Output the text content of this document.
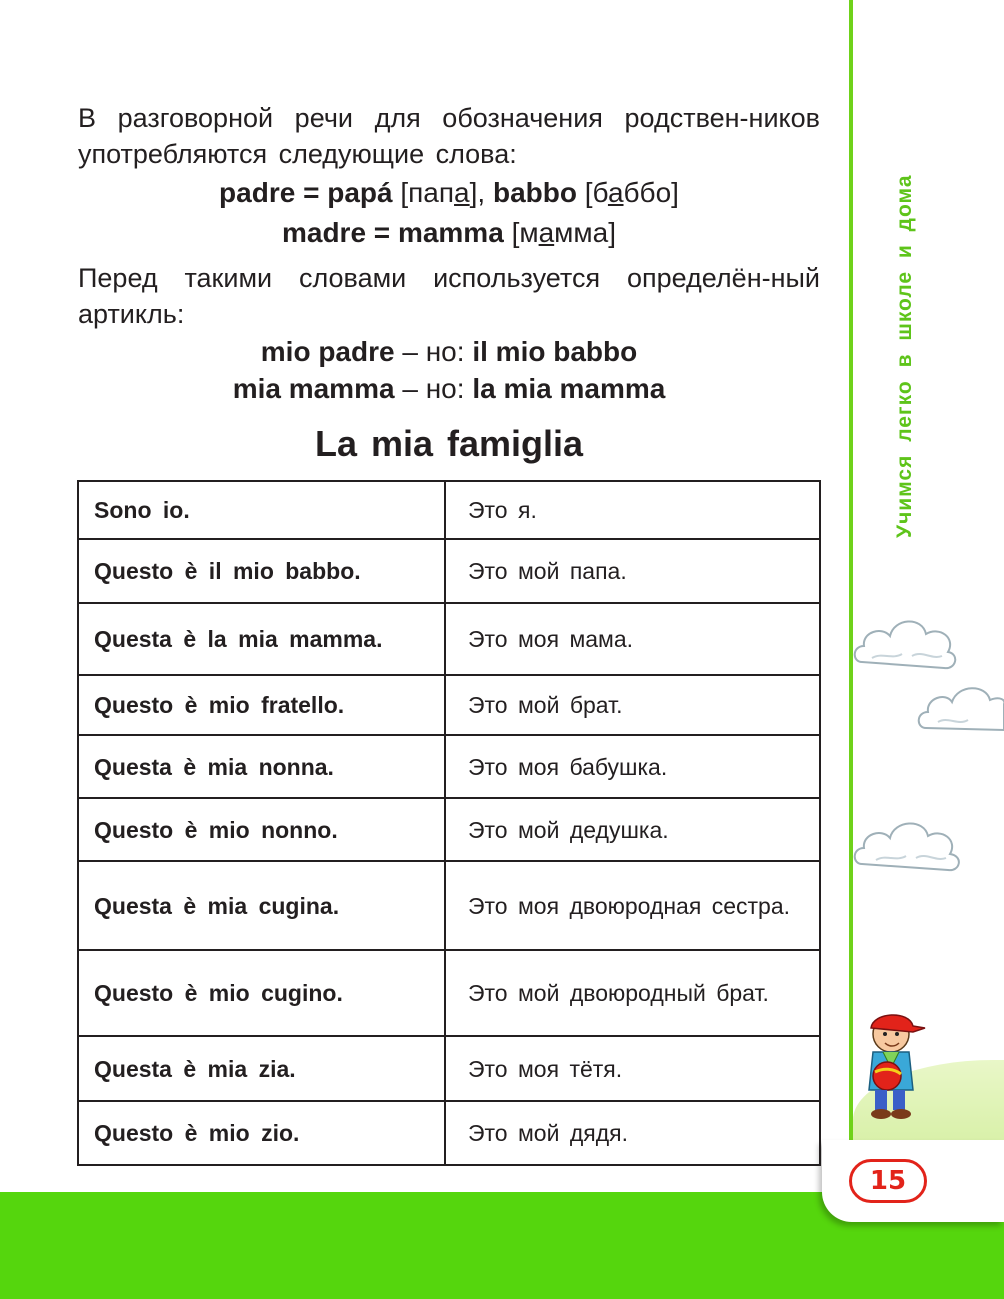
Учимся легко в школе и дома
15
В разговорной речи для обозначения родствен-ников употребляются следующие слова:
padre = papá [папа], babbo [баббо]
madre = mamma [мамма]
Перед такими словами используется определён-ный артикль:
mio padre – но: il mio babbo
mia mamma – но: la mia mamma
La mia famiglia
Sono io.	Это я.
Questo è il mio babbo.	Это мой папа.
Questa è la mia mamma.	Это моя мама.
Questo è mio fratello.	Это мой брат.
Questa è mia nonna.	Это моя бабушка.
Questo è mio nonno.	Это мой дедушка.
Questa è mia cugina.	Это моя двоюродная сестра.
Questo è mio cugino.	Это мой двоюродный брат.
Questa è mia zia.	Это моя тётя.
Questo è mio zio.	Это мой дядя.
